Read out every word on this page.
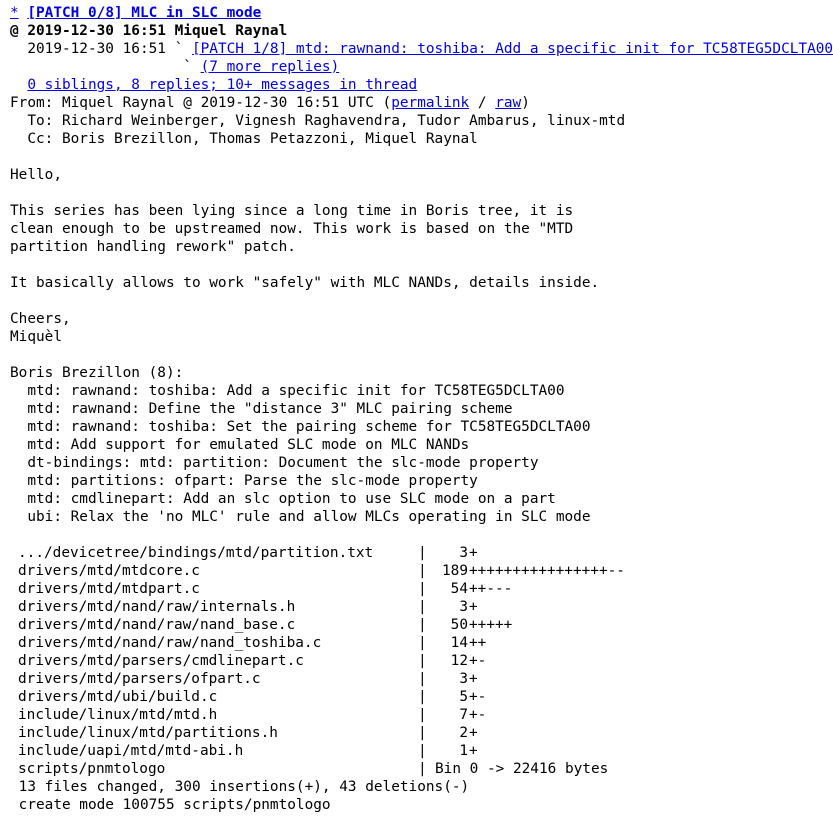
* [PATCH 0/8] MLC in SLC mode
@ 2019-12-30 16:51 Miquel Raynal
2019-12-30 16:51 ` [PATCH 1/8] mtd: rawnand: toshiba: Add a specific init for TC58TEG5DCLTA00
` (7 more replies)
0 siblings, 8 replies; 10+ messages in thread
From: Miquel Raynal @ 2019-12-30 16:51 UTC (permalink / raw)
To: Richard Weinberger, Vignesh Raghavendra, Tudor Ambarus, linux-mtd
Cc: Boris Brezillon, Thomas Petazzoni, Miquel Raynal
Hello,
This series has been lying since a long time in Boris tree, it is
clean enough to be upstreamed now. This work is based on the "MTD
partition handling rework" patch.
It basically allows to work "safely" with MLC NANDs, details inside.
Cheers,
Miquèl
Boris Brezillon (8):
mtd: rawnand: toshiba: Add a specific init for TC58TEG5DCLTA00
mtd: rawnand: Define the "distance 3" MLC pairing scheme
mtd: rawnand: toshiba: Set the pairing scheme for TC58TEG5DCLTA00
mtd: Add support for emulated SLC mode on MLC NANDs
dt-bindings: mtd: partition: Document the slc-mode property
mtd: partitions: ofpart: Parse the slc-mode property
mtd: cmdlinepart: Add an slc option to use SLC mode on a part
ubi: Relax the 'no MLC' rule and allow MLCs operating in SLC mode
.../devicetree/bindings/mtd/partition.txt	|	3 +
drivers/mtd/mtdcore.c	|	189 ++++++++++++++++--
drivers/mtd/mtdpart.c	|	54 ++---
drivers/mtd/nand/raw/internals.h	|	3 +
drivers/mtd/nand/raw/nand_base.c	|	50 +++++
drivers/mtd/nand/raw/nand_toshiba.c	|	14 ++
drivers/mtd/parsers/cmdlinepart.c	|	12 +-
drivers/mtd/parsers/ofpart.c	|	3 +
drivers/mtd/ubi/build.c	|	5 +-
include/linux/mtd/mtd.h	|	7 +-
include/linux/mtd/partitions.h	|	2 +
include/uapi/mtd/mtd-abi.h	|	1 +
scripts/pnmtologo	| Bin 0 -> 22416 bytes
13 files changed, 300 insertions(+), 43 deletions(-)
create mode 100755 scripts/pnmtologo
